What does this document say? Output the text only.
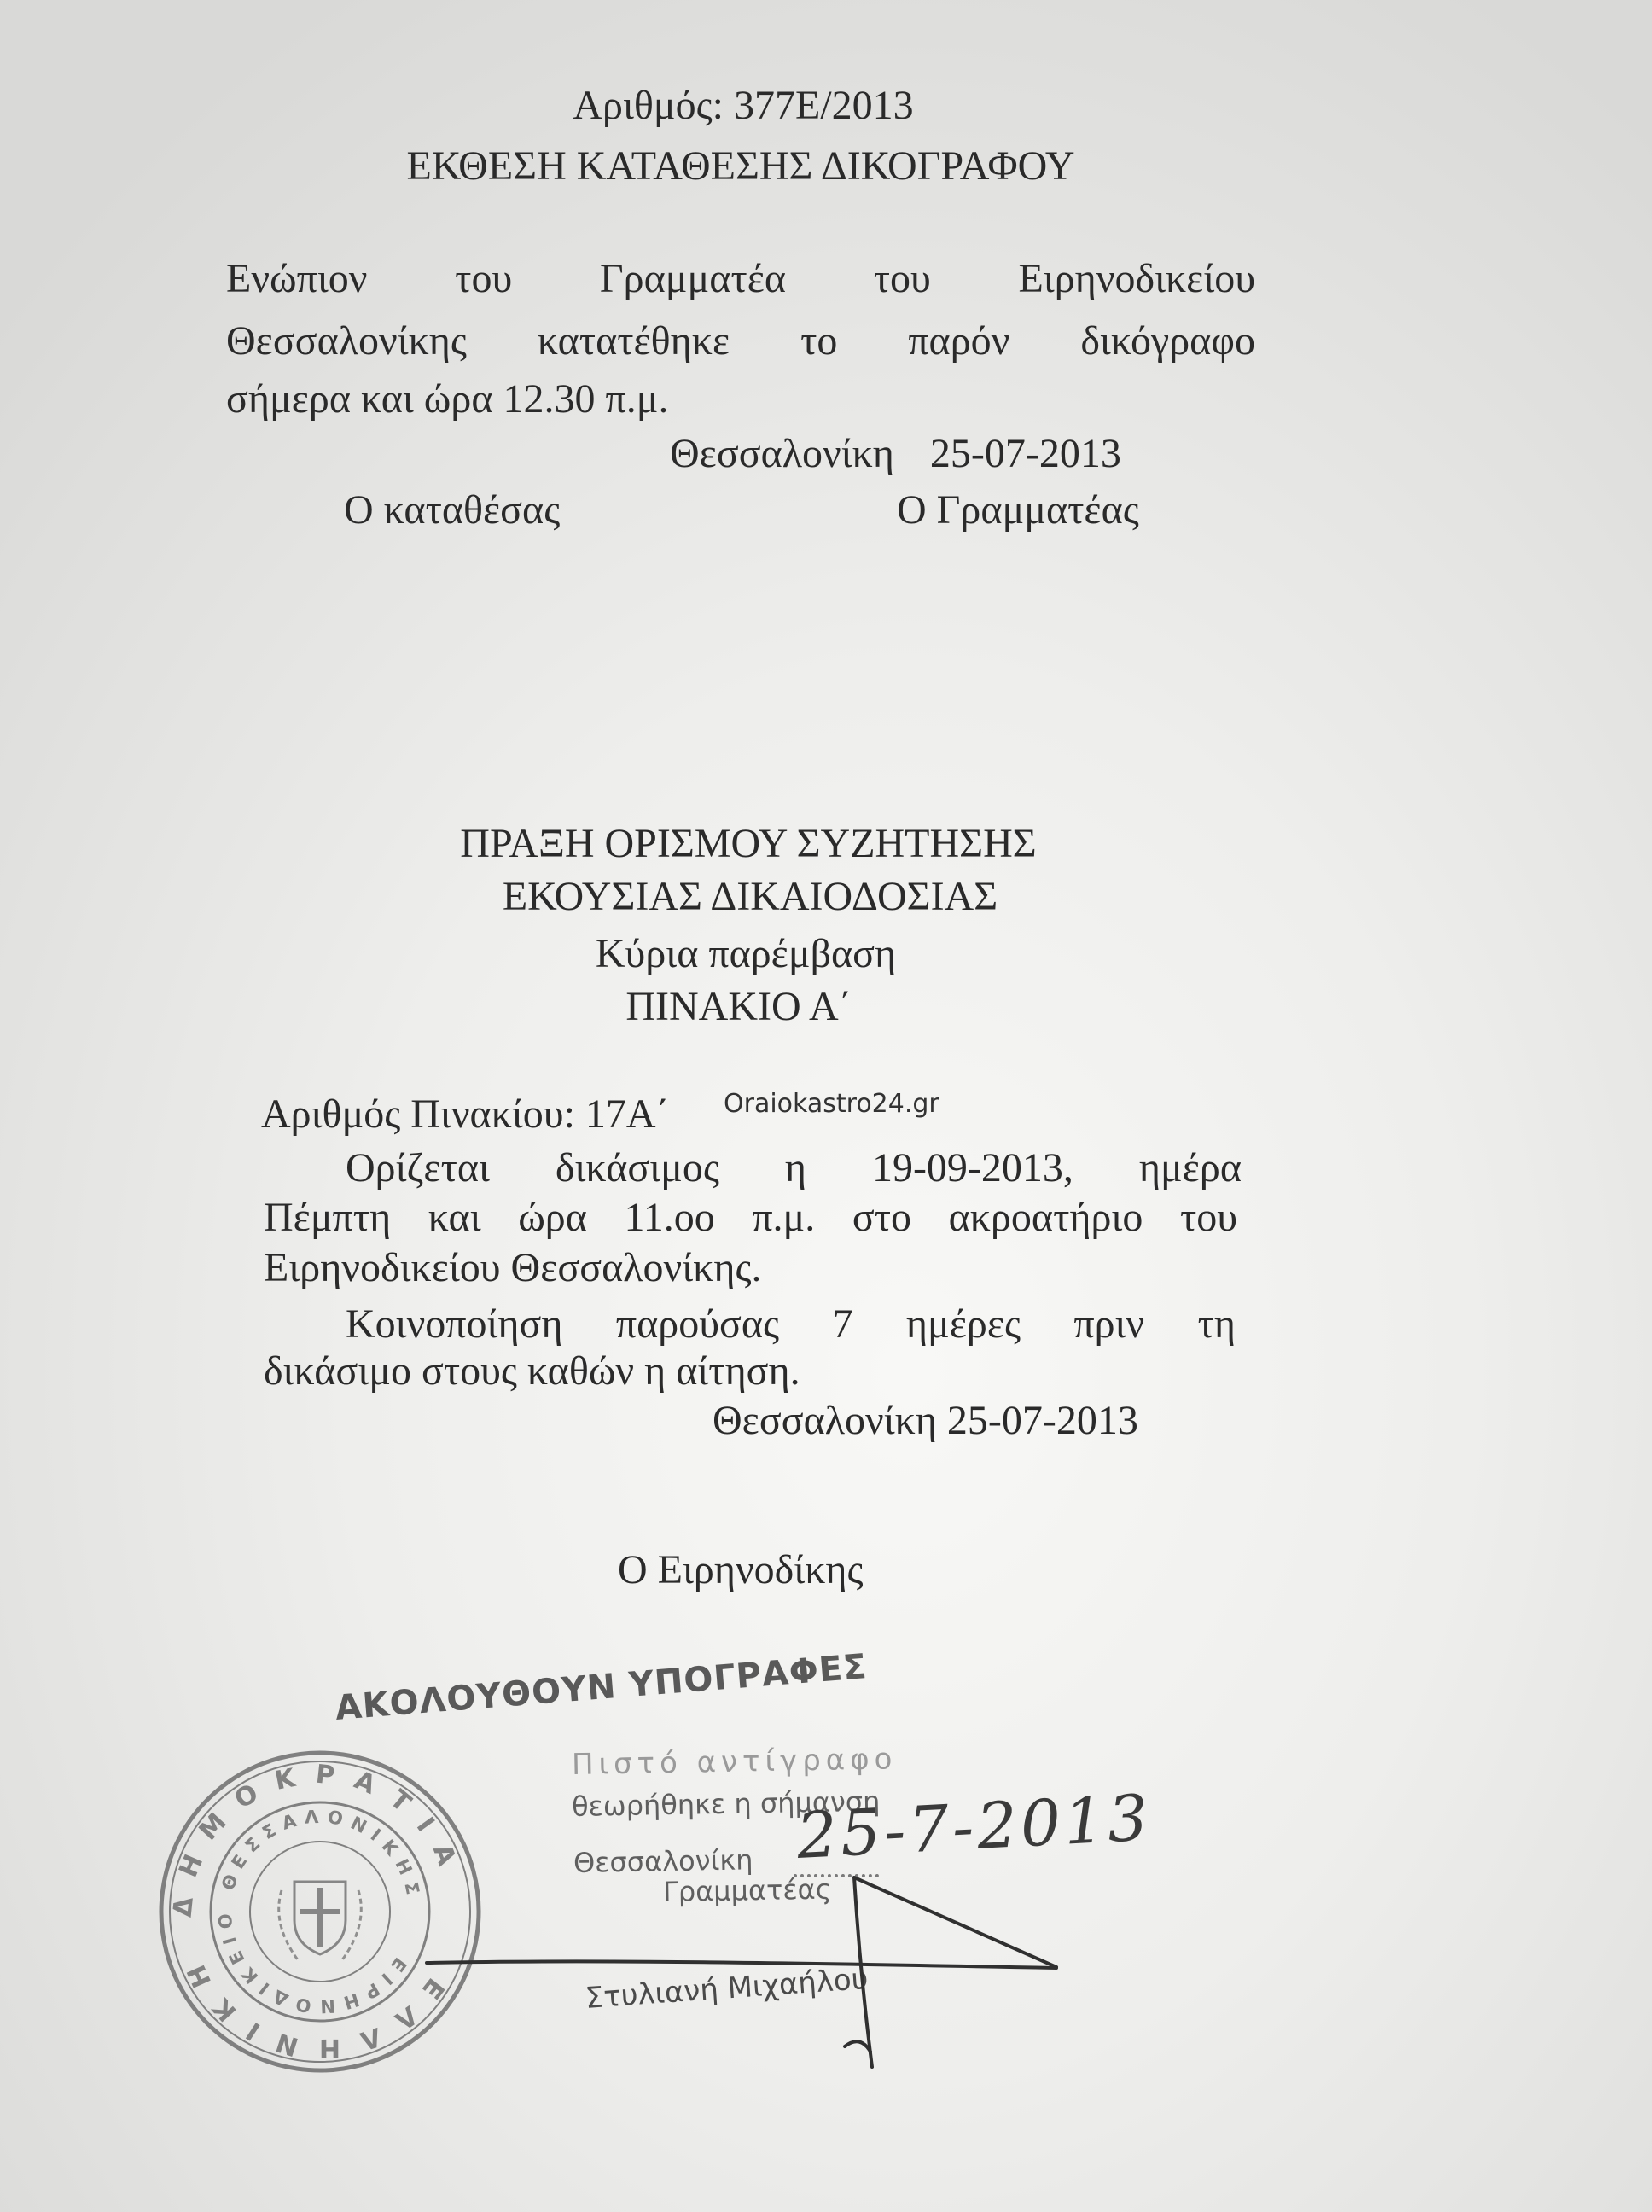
Αριθμός: 377Ε/2013
ΕΚΘΕΣΗ ΚΑΤΑΘΕΣΗΣ ΔΙΚΟΓΡΑΦΟΥ
Ενώπιον του Γραμματέα του Ειρηνοδικείου
Θεσσαλονίκης κατατέθηκε το παρόν δικόγραφο
σήμερα και ώρα 12.30 π.μ.
Θεσσαλονίκη 25-07-2013
Ο καταθέσας	Ο Γραμματέας
ΠΡΑΞΗ ΟΡΙΣΜΟΥ ΣΥΖΗΤΗΣΗΣ
ΕΚΟΥΣΙΑΣ ΔΙΚΑΙΟΔΟΣΙΑΣ
Κύρια παρέμβαση
ΠΙΝΑΚΙΟ Α΄
Αριθμός Πινακίου: 17Α΄ Oraiokastro24.gr
Ορίζεται δικάσιμος η 19-09-2013, ημέρα
Πέμπτη και ώρα 11.οο π.μ. στο ακροατήριο του
Ειρηνοδικείου Θεσσαλονίκης.
Κοινοποίηση παρούσας 7 ημέρες πριν τη
δικάσιμο στους καθών η αίτηση.
Θεσσαλονίκη 25-07-2013
Ο Ειρηνοδίκης
ΑΚΟΛΟΥΘΟΥΝ ΥΠΟΓΡΑΦΕΣ
Πιστό αντίγραφο
θεωρήθηκε η σήμανση
Θεσσαλονίκη 25-7-2013
Γραμματέας
Στυλιανή Μιχαήλου
ΕΛΛΗΝΙΚΗ ΔΗΜΟΚΡΑΤΙΑ
ΕΙΡΗΝΟΔΙΚΕΙΟ ΘΕΣΣΑΛΟΝΙΚΗΣ
